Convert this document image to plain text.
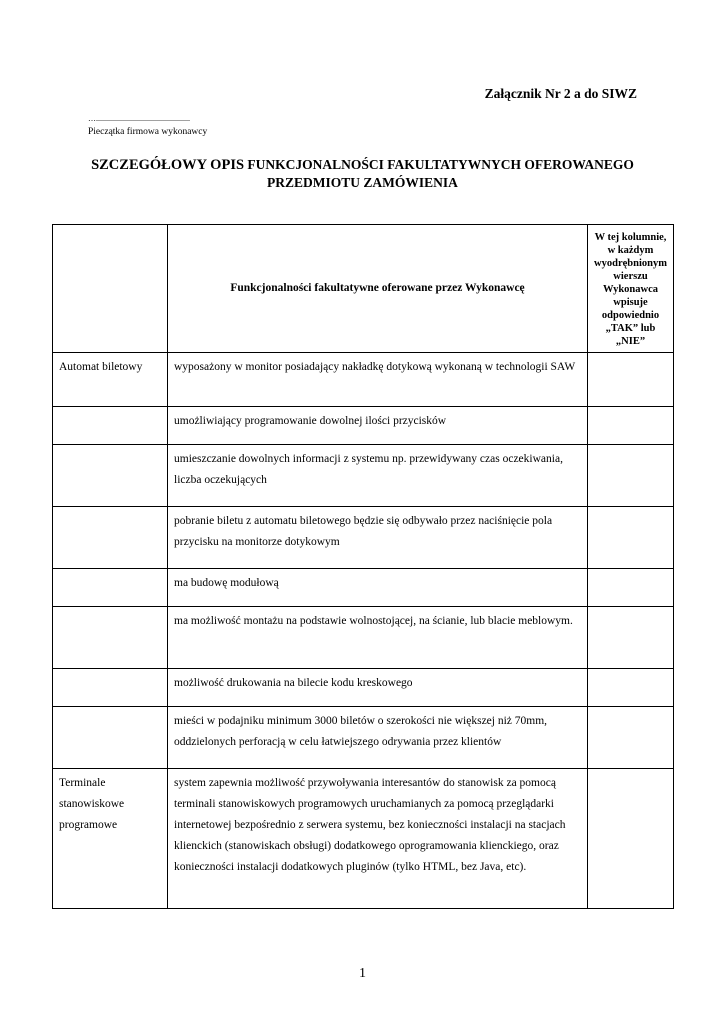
Załącznik Nr 2 a do SIWZ
…...............................................
Pieczątka firmowa wykonawcy
SZCZEGÓŁOWY OPIS FUNKCJONALNOŚCI FAKULTATYWNYCH OFEROWANEGO
PRZEDMIOTU ZAMÓWIENIA
	Funkcjonalności fakultatywne oferowane przez Wykonawcę	W tej kolumnie, w każdym wyodrębnionym wierszu Wykonawca wpisuje odpowiednio „TAK” lub „NIE”
Automat biletowy	wyposażony w monitor posiadający nakładkę dotykową wykonaną w technologii SAW	
	umożliwiający programowanie dowolnej ilości przycisków	
	umieszczanie dowolnych informacji z systemu np. przewidywany czas oczekiwania, liczba oczekujących	
	pobranie biletu z automatu biletowego będzie się odbywało przez naciśnięcie pola przycisku na monitorze dotykowym	
	ma budowę modułową	
	ma możliwość montażu na podstawie wolnostojącej, na ścianie, lub blacie meblowym.	
	możliwość drukowania na bilecie kodu kreskowego	
	mieści w podajniku minimum 3000 biletów o szerokości nie większej niż 70mm, oddzielonych perforacją w celu łatwiejszego odrywania przez klientów	
Terminale stanowiskowe programowe	system zapewnia możliwość przywoływania interesantów do stanowisk za pomocą terminali stanowiskowych programowych uruchamianych za pomocą przeglądarki internetowej bezpośrednio z serwera systemu, bez konieczności instalacji na stacjach klienckich (stanowiskach obsługi) dodatkowego oprogramowania klienckiego, oraz konieczności instalacji dodatkowych pluginów (tylko HTML, bez Java, etc).	
1
